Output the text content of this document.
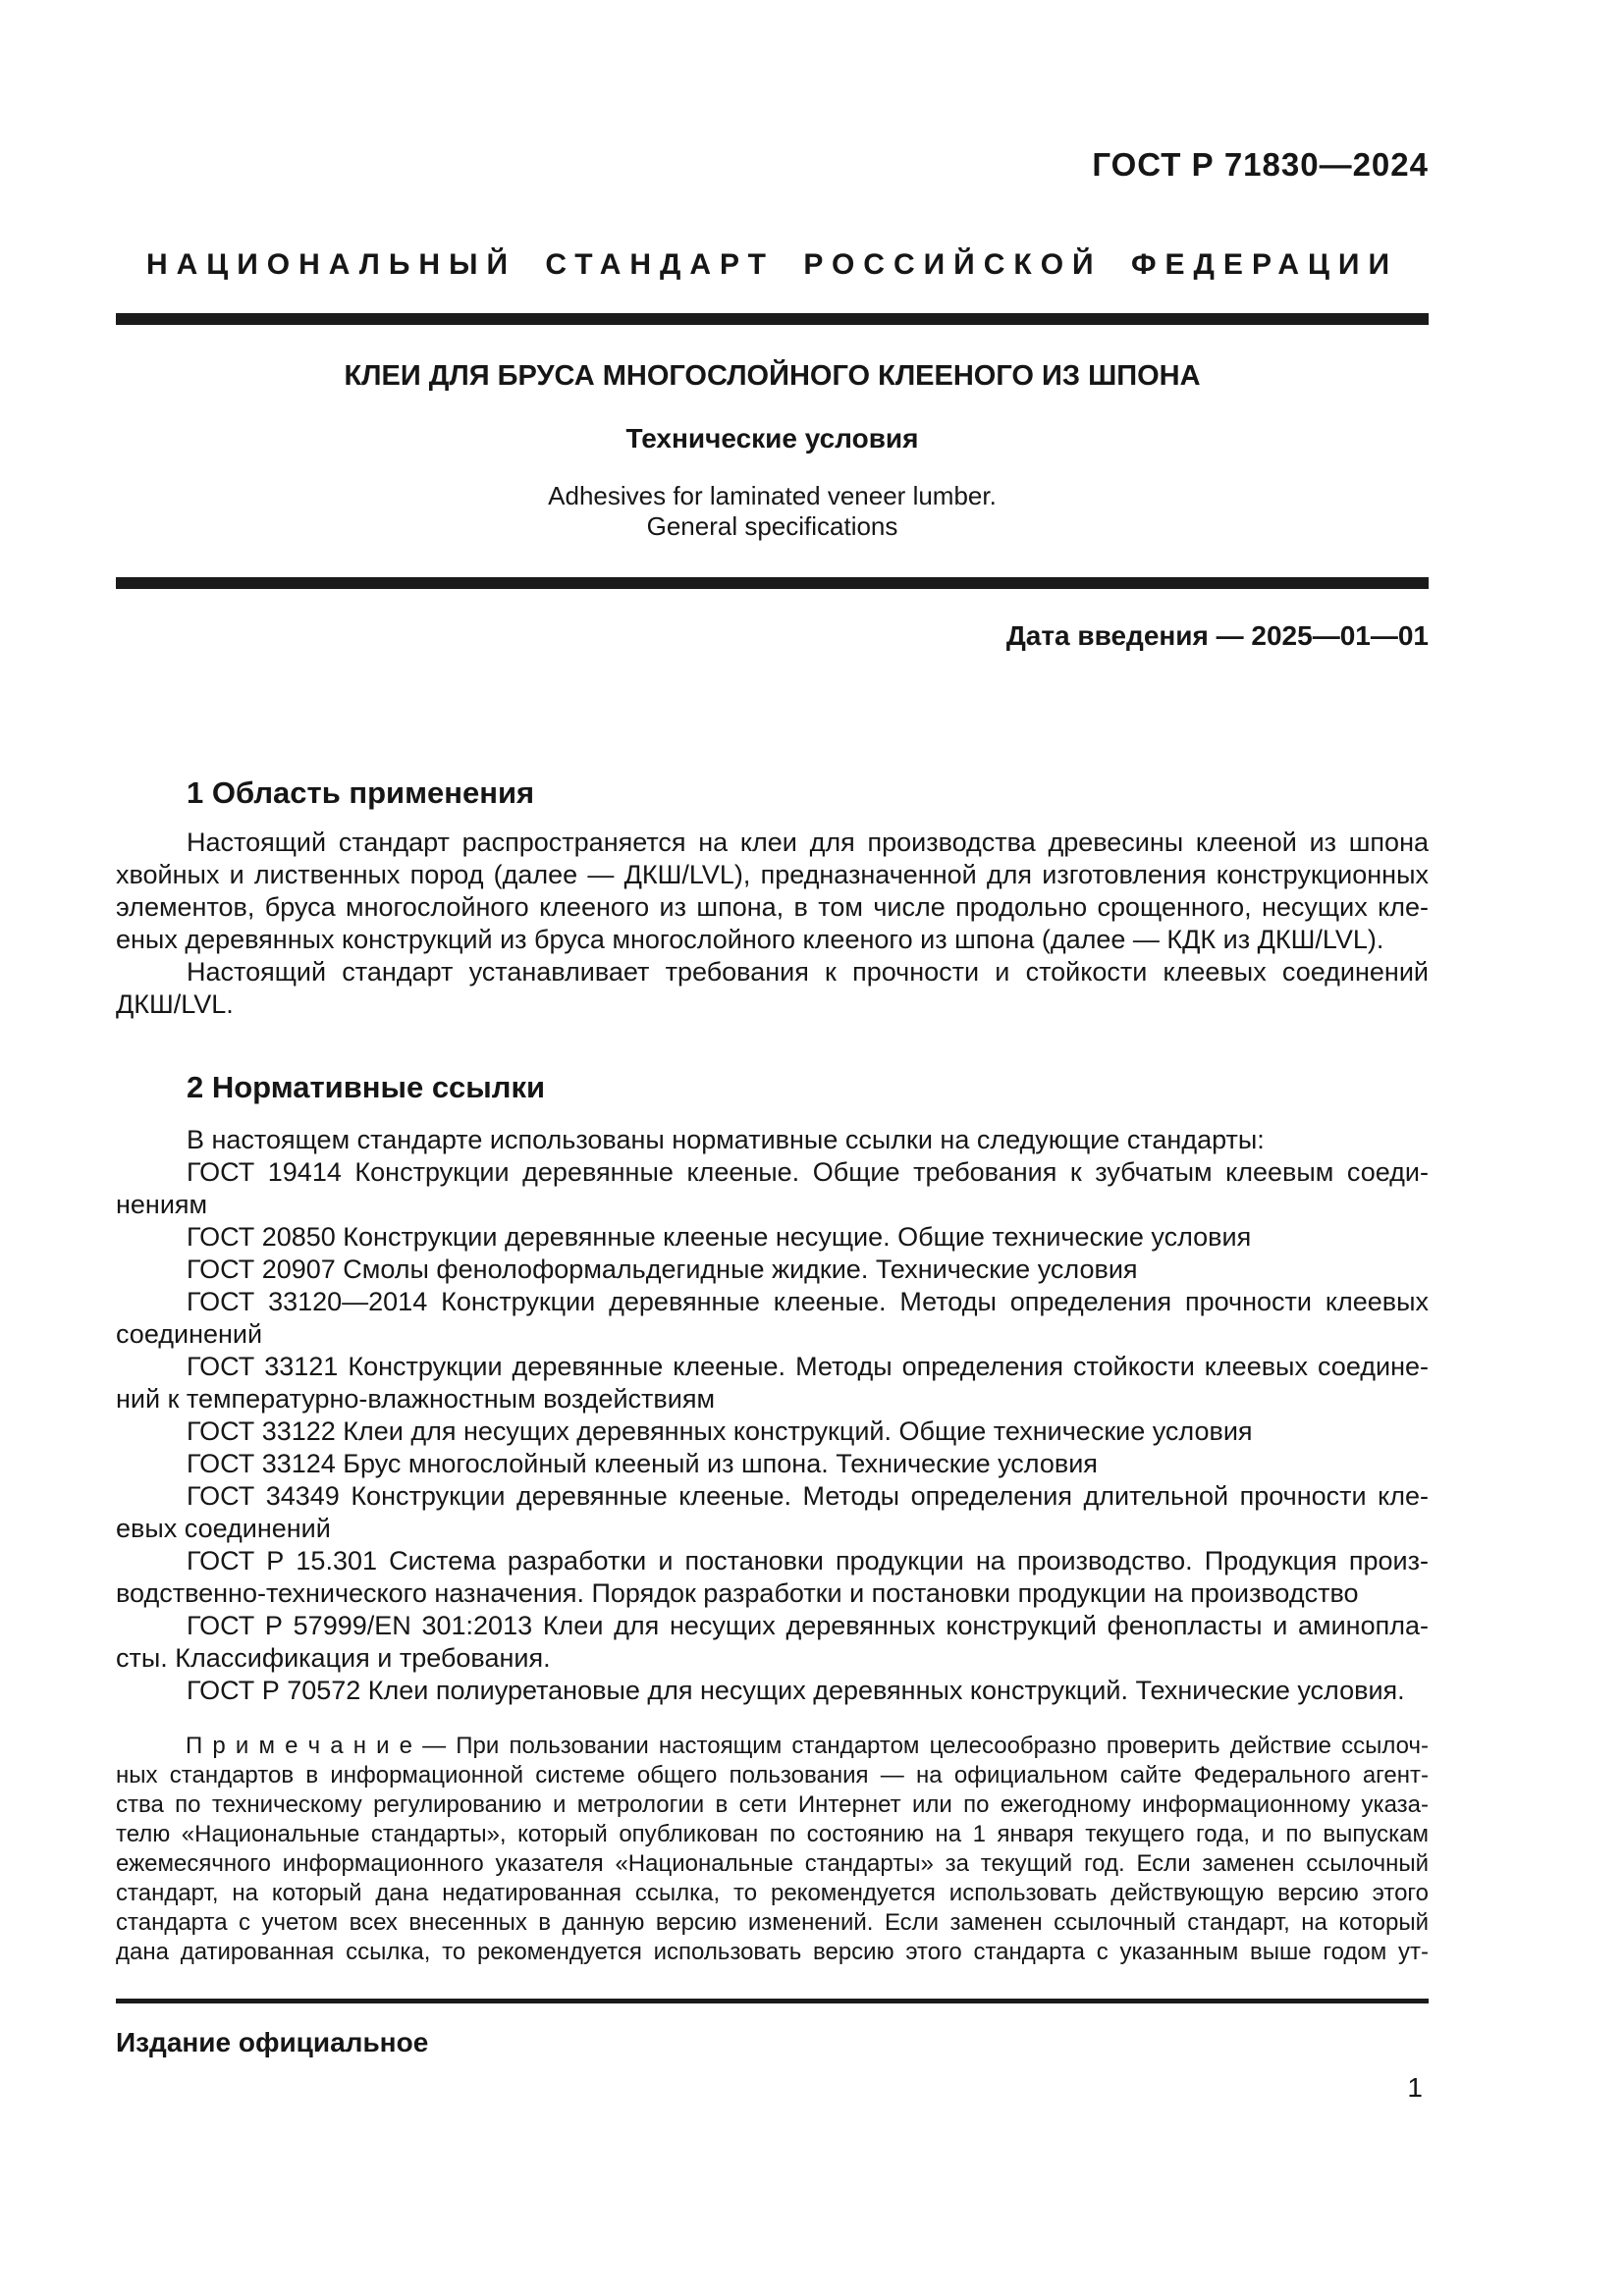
ГОСТ Р 71830—2024
НАЦИОНАЛЬНЫЙ СТАНДАРТ РОССИЙСКОЙ ФЕДЕРАЦИИ
КЛЕИ ДЛЯ БРУСА МНОГОСЛОЙНОГО КЛЕЕНОГО ИЗ ШПОНА
Технические условия
Adhesives for laminated veneer lumber.
General specifications
Дата введения — 2025—01—01
1 Область применения
Настоящий стандарт распространяется на клеи для производства древесины клееной из шпона
хвойных и лиственных пород (далее — ДКШ/LVL), предназначенной для изготовления конструкционных
элементов, бруса многослойного клееного из шпона, в том числе продольно срощенного, несущих кле-
еных деревянных конструкций из бруса многослойного клееного из шпона (далее — КДК из ДКШ/LVL).
Настоящий стандарт устанавливает требования к прочности и стойкости клеевых соединений
ДКШ/LVL.
2 Нормативные ссылки
В настоящем стандарте использованы нормативные ссылки на следующие стандарты:
ГОСТ 19414 Конструкции деревянные клееные. Общие требования к зубчатым клеевым соеди-
нениям
ГОСТ 20850 Конструкции деревянные клееные несущие. Общие технические условия
ГОСТ 20907 Смолы фенолоформальдегидные жидкие. Технические условия
ГОСТ 33120—2014 Конструкции деревянные клееные. Методы определения прочности клеевых
соединений
ГОСТ 33121 Конструкции деревянные клееные. Методы определения стойкости клеевых соедине-
ний к температурно-влажностным воздействиям
ГОСТ 33122 Клеи для несущих деревянных конструкций. Общие технические условия
ГОСТ 33124 Брус многослойный клееный из шпона. Технические условия
ГОСТ 34349 Конструкции деревянные клееные. Методы определения длительной прочности кле-
евых соединений
ГОСТ Р 15.301 Система разработки и постановки продукции на производство. Продукция произ-
водственно-технического назначения. Порядок разработки и постановки продукции на производство
ГОСТ Р 57999/EN 301:2013 Клеи для несущих деревянных конструкций фенопласты и аминопла-
сты. Классификация и требования.
ГОСТ Р 70572 Клеи полиуретановые для несущих деревянных конструкций. Технические условия.
П р и м е ч а н и е — При пользовании настоящим стандартом целесообразно проверить действие ссылоч-
ных стандартов в информационной системе общего пользования — на официальном сайте Федерального агент-
ства по техническому регулированию и метрологии в сети Интернет или по ежегодному информационному указа-
телю «Национальные стандарты», который опубликован по состоянию на 1 января текущего года, и по выпускам
ежемесячного информационного указателя «Национальные стандарты» за текущий год. Если заменен ссылочный
стандарт, на который дана недатированная ссылка, то рекомендуется использовать действующую версию этого
стандарта с учетом всех внесенных в данную версию изменений. Если заменен ссылочный стандарт, на который
дана датированная ссылка, то рекомендуется использовать версию этого стандарта с указанным выше годом ут-
Издание официальное
1
